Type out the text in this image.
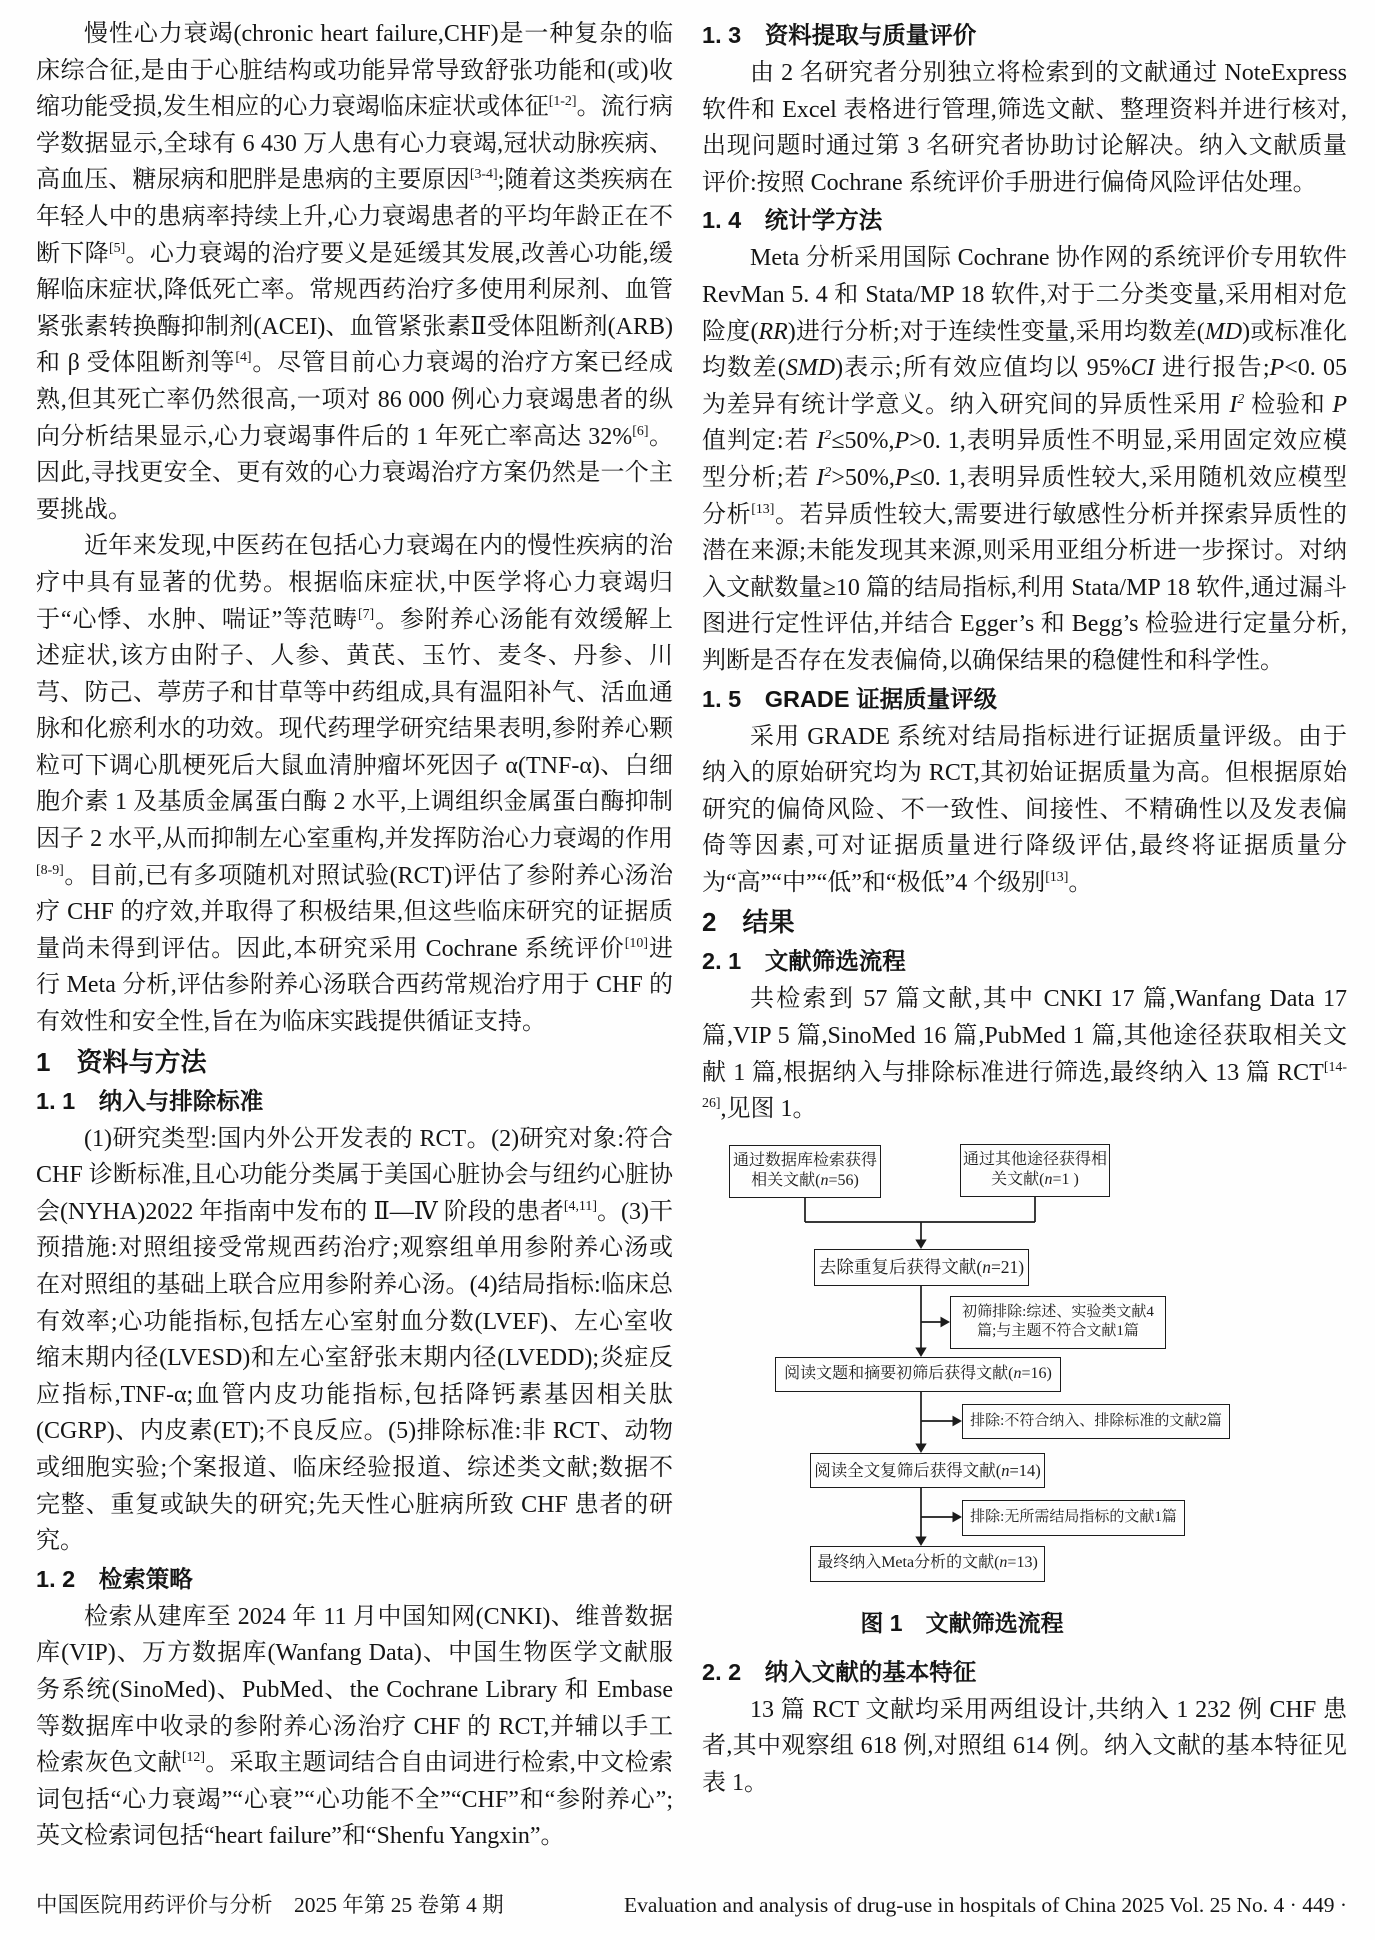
慢性心力衰竭(chronic heart failure,CHF)是一种复杂的临床综合征,是由于心脏结构或功能异常导致舒张功能和(或)收缩功能受损,发生相应的心力衰竭临床症状或体征[1-2]。流行病学数据显示,全球有 6 430 万人患有心力衰竭,冠状动脉疾病、高血压、糖尿病和肥胖是患病的主要原因[3-4];随着这类疾病在年轻人中的患病率持续上升,心力衰竭患者的平均年龄正在不断下降[5]。心力衰竭的治疗要义是延缓其发展,改善心功能,缓解临床症状,降低死亡率。常规西药治疗多使用利尿剂、血管紧张素转换酶抑制剂(ACEI)、血管紧张素Ⅱ受体阻断剂(ARB)和 β 受体阻断剂等[4]。尽管目前心力衰竭的治疗方案已经成熟,但其死亡率仍然很高,一项对 86 000 例心力衰竭患者的纵向分析结果显示,心力衰竭事件后的 1 年死亡率高达 32%[6]。因此,寻找更安全、更有效的心力衰竭治疗方案仍然是一个主要挑战。

近年来发现,中医药在包括心力衰竭在内的慢性疾病的治疗中具有显著的优势。根据临床症状,中医学将心力衰竭归于“心悸、水肿、喘证”等范畴[7]。参附养心汤能有效缓解上述症状,该方由附子、人参、黄芪、玉竹、麦冬、丹参、川芎、防己、葶苈子和甘草等中药组成,具有温阳补气、活血通脉和化瘀利水的功效。现代药理学研究结果表明,参附养心颗粒可下调心肌梗死后大鼠血清肿瘤坏死因子 α(TNF-α)、白细胞介素 1 及基质金属蛋白酶 2 水平,上调组织金属蛋白酶抑制因子 2 水平,从而抑制左心室重构,并发挥防治心力衰竭的作用[8-9]。目前,已有多项随机对照试验(RCT)评估了参附养心汤治疗 CHF 的疗效,并取得了积极结果,但这些临床研究的证据质量尚未得到评估。因此,本研究采用 Cochrane 系统评价[10]进行 Meta 分析,评估参附养心汤联合西药常规治疗用于 CHF 的有效性和安全性,旨在为临床实践提供循证支持。

1　资料与方法
1. 1　纳入与排除标准

(1)研究类型:国内外公开发表的 RCT。(2)研究对象:符合 CHF 诊断标准,且心功能分类属于美国心脏协会与纽约心脏协会(NYHA)2022 年指南中发布的 Ⅱ—Ⅳ 阶段的患者[4,11]。(3)干预措施:对照组接受常规西药治疗;观察组单用参附养心汤或在对照组的基础上联合应用参附养心汤。(4)结局指标:临床总有效率;心功能指标,包括左心室射血分数(LVEF)、左心室收缩末期内径(LVESD)和左心室舒张末期内径(LVEDD);炎症反应指标,TNF-α;血管内皮功能指标,包括降钙素基因相关肽(CGRP)、内皮素(ET);不良反应。(5)排除标准:非 RCT、动物或细胞实验;个案报道、临床经验报道、综述类文献;数据不完整、重复或缺失的研究;先天性心脏病所致 CHF 患者的研究。

1. 2　检索策略

检索从建库至 2024 年 11 月中国知网(CNKI)、维普数据库(VIP)、万方数据库(Wanfang Data)、中国生物医学文献服务系统(SinoMed)、PubMed、the Cochrane Library 和 Embase 等数据库中收录的参附养心汤治疗 CHF 的 RCT,并辅以手工检索灰色文献[12]。采取主题词结合自由词进行检索,中文检索词包括“心力衰竭”“心衰”“心功能不全”“CHF”和“参附养心”;英文检索词包括“heart failure”和“Shenfu Yangxin”。

1. 3　资料提取与质量评价

由 2 名研究者分别独立将检索到的文献通过 NoteExpress 软件和 Excel 表格进行管理,筛选文献、整理资料并进行核对,出现问题时通过第 3 名研究者协助讨论解决。纳入文献质量评价:按照 Cochrane 系统评价手册进行偏倚风险评估处理。

1. 4　统计学方法

Meta 分析采用国际 Cochrane 协作网的系统评价专用软件 RevMan 5. 4 和 Stata/MP 18 软件,对于二分类变量,采用相对危险度(RR)进行分析;对于连续性变量,采用均数差(MD)或标准化均数差(SMD)表示;所有效应值均以 95%CI 进行报告;P<0. 05 为差异有统计学意义。纳入研究间的异质性采用 $I^2$ 检验和 P 值判定:若 $I^2\le 50\%,P>0$. 1,表明异质性不明显,采用固定效应模型分析;若 $I^2>50\%,P\le 0$. 1,表明异质性较大,采用随机效应模型分析[13]。若异质性较大,需要进行敏感性分析并探索异质性的潜在来源;未能发现其来源,则采用亚组分析进一步探讨。对纳入文献数量≥10 篇的结局指标,利用 Stata/MP 18 软件,通过漏斗图进行定性评估,并结合 Egger’s 和 Begg’s 检验进行定量分析,判断是否存在发表偏倚,以确保结果的稳健性和科学性。

1. 5　GRADE 证据质量评级

采用 GRADE 系统对结局指标进行证据质量评级。由于纳入的原始研究均为 RCT,其初始证据质量为高。但根据原始研究的偏倚风险、不一致性、间接性、不精确性以及发表偏倚等因素,可对证据质量进行降级评估,最终将证据质量分为“高”“中”“低”和“极低”4 个级别[13]。

2　结果
2. 1　文献筛选流程

共检索到 57 篇文献,其中 CNKI 17 篇,Wanfang Data 17 篇,VIP 5 篇,SinoMed 16 篇,PubMed 1 篇,其他途径获取相关文献 1 篇,根据纳入与排除标准进行筛选,最终纳入 13 篇 RCT[14-26],见图 1。

通过数据库检索获得相关文献(n=56)
通过其他途径获得相关文献(n=1 )
去除重复后获得文献(n=21)
初筛排除:综述、实验类文献4篇;与主题不符合文献1篇
阅读文题和摘要初筛后获得文献(n=16)
排除:不符合纳入、排除标准的文献2篇
阅读全文复筛后获得文献(n=14)
排除:无所需结局指标的文献1篇
最终纳入Meta分析的文献(n=13)
图 1　文献筛选流程
2. 2　纳入文献的基本特征

13 篇 RCT 文献均采用两组设计,共纳入 1 232 例 CHF 患者,其中观察组 618 例,对照组 614 例。纳入文献的基本特征见表 1。

中国医院用药评价与分析　2025 年第 25 卷第 4 期	Evaluation and analysis of drug-use in hospitals of China 2025 Vol. 25 No. 4 · 449 ·
